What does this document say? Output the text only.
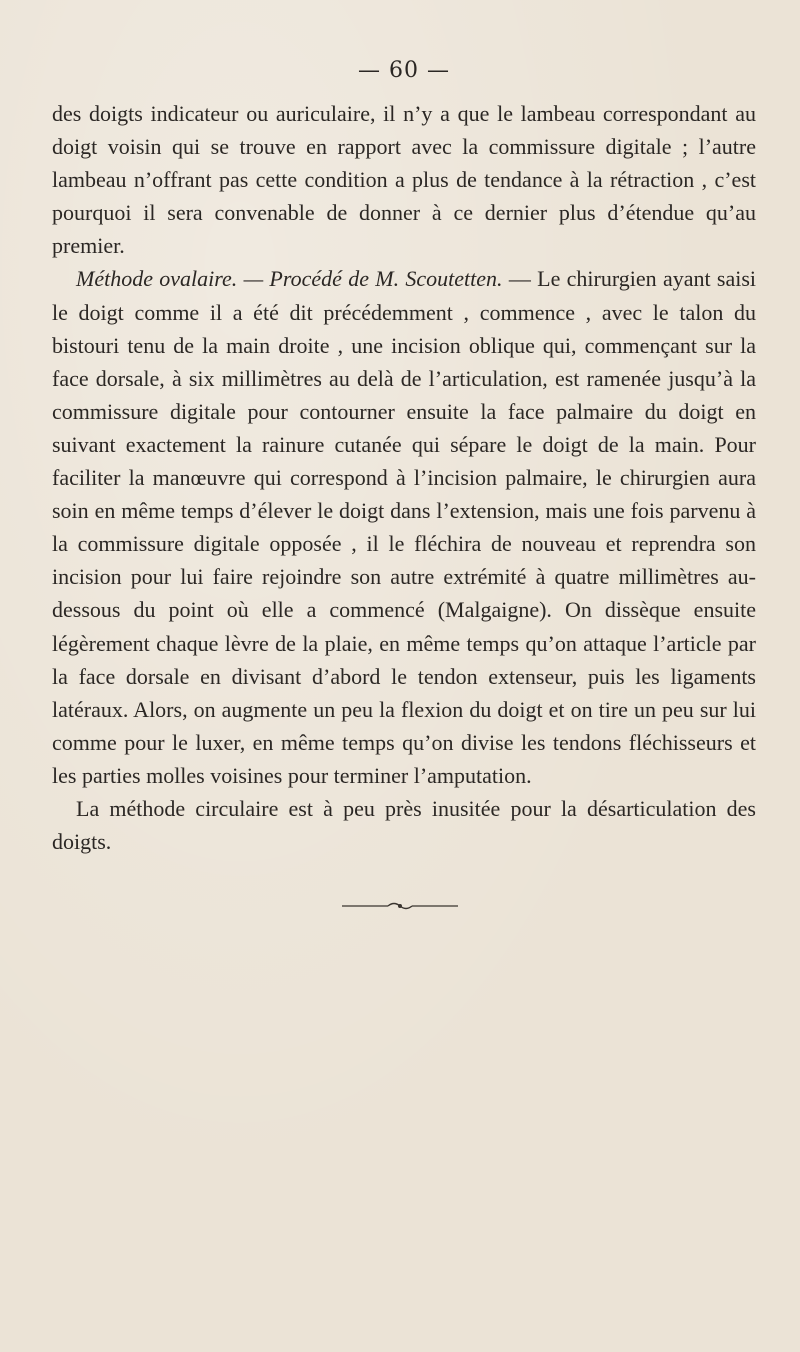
— 60 —

des doigts indicateur ou auriculaire, il n’y a que le lambeau correspondant au doigt voisin qui se trouve en rapport avec la commissure digitale ; l’autre lambeau n’offrant pas cette condition a plus de tendance à la rétraction , c’est pourquoi il sera convenable de donner à ce dernier plus d’étendue qu’au premier.

Méthode ovalaire. — Procédé de M. Scoutetten. — Le chirurgien ayant saisi le doigt comme il a été dit précédemment , commence , avec le talon du bistouri tenu de la main droite , une incision oblique qui, commençant sur la face dorsale, à six millimètres au delà de l’articulation, est ramenée jusqu’à la commissure digitale pour contourner ensuite la face palmaire du doigt en suivant exactement la rainure cutanée qui sépare le doigt de la main. Pour faciliter la manœuvre qui correspond à l’incision palmaire, le chirurgien aura soin en même temps d’élever le doigt dans l’extension, mais une fois parvenu à la commissure digitale opposée , il le fléchira de nouveau et reprendra son incision pour lui faire rejoindre son autre extrémité à quatre millimètres au-dessous du point où elle a commencé (Malgaigne). On dissèque ensuite légèrement chaque lèvre de la plaie, en même temps qu’on attaque l’article par la face dorsale en divisant d’abord le tendon extenseur, puis les ligaments latéraux. Alors, on augmente un peu la flexion du doigt et on tire un peu sur lui comme pour le luxer, en même temps qu’on divise les tendons fléchisseurs et les parties molles voisines pour terminer l’amputation.

La méthode circulaire est à peu près inusitée pour la désarticulation des doigts.
